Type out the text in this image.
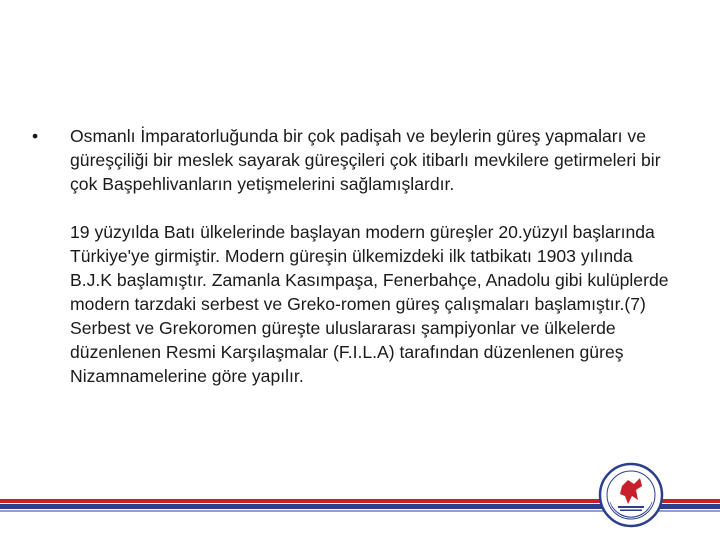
•	Osmanlı İmparatorluğunda bir çok padişah ve beylerin güreş yapmaları ve güreşçiliği bir meslek sayarak güreşçileri çok itibarlı mevkilere getirmeleri bir çok Başpehlivanların yetişmelerini sağlamışlardır.

19 yüzyılda Batı ülkelerinde başlayan modern güreşler 20.yüzyıl başlarında Türkiye'ye girmiştir. Modern güreşin ülkemizdeki ilk tatbikatı 1903 yılında B.J.K başlamıştır. Zamanla Kasımpaşa, Fenerbahçe, Anadolu gibi kulüplerde modern tarzdaki serbest ve Greko-romen güreş çalışmaları başlamıştır.(7)

Serbest ve Grekoromen güreşte uluslararası şampiyonlar ve ülkelerde düzenlenen Resmi Karşılaşmalar (F.I.L.A) tarafından düzenlenen güreş Nizamnamelerine göre yapılır.
